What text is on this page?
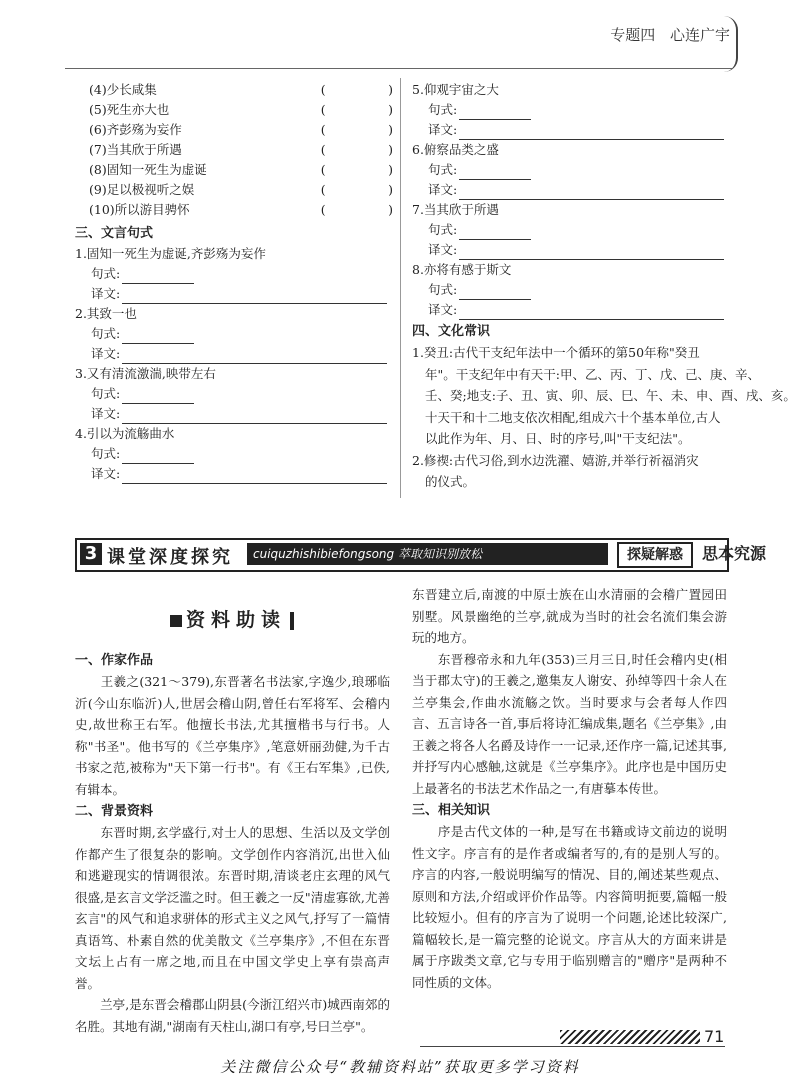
专题四 心连广宇
(4)少长咸集	(　　　　　)
(5)死生亦大也	(　　　　　)
(6)齐彭殇为妄作	(　　　　　)
(7)当其欣于所遇	(　　　　　)
(8)固知一死生为虚诞	(　　　　　)
(9)足以极视听之娱	(　　　　　)
(10)所以游目骋怀	(　　　　　)
三、文言句式
1.固知一死生为虚诞,齐彭殇为妄作
句式:
译文:
2.其致一也
句式:
译文:
3.又有清流激湍,映带左右
句式:
译文:
4.引以为流觞曲水
句式:
译文:
5.仰观宇宙之大
句式:
译文:
6.俯察品类之盛
句式:
译文:
7.当其欣于所遇
句式:
译文:
8.亦将有感于斯文
句式:
译文:
四、文化常识
1.癸丑:古代干支纪年法中一个循环的第50年称"癸丑
年"。干支纪年中有天干:甲、乙、丙、丁、戊、己、庚、辛、
壬、癸;地支:子、丑、寅、卯、辰、巳、午、未、申、酉、戌、亥。
十天干和十二地支依次相配,组成六十个基本单位,古人
以此作为年、月、日、时的序号,叫"干支纪法"。
2.修禊:古代习俗,到水边洗濯、嬉游,并举行祈福消灾
的仪式。
3 课堂深度探究	cuiquzhishibiefongsong 萃取知识别放松	探疑解惑	思本究源
资料助读
一、作家作品
　　王羲之(321～379),东晋著名书法家,字逸少,琅琊临沂(今山东临沂)人,世居会稽山阴,曾任右军将军、会稽内史,故世称王右军。他擅长书法,尤其擅楷书与行书。人称"书圣"。他书写的《兰亭集序》,笔意妍丽劲健,为千古书家之范,被称为"天下第一行书"。有《王右军集》,已佚,有辑本。
二、背景资料
　　东晋时期,玄学盛行,对士人的思想、生活以及文学创作都产生了很复杂的影响。文学创作内容消沉,出世入仙和逃避现实的情调很浓。东晋时期,清谈老庄玄理的风气很盛,是玄言文学泛滥之时。但王羲之一反"清虚寡欲,尤善玄言"的风气和追求骈体的形式主义之风气,抒写了一篇情真语笃、朴素自然的优美散文《兰亭集序》,不但在东晋文坛上占有一席之地,而且在中国文学史上享有崇高声誉。
　　兰亭,是东晋会稽郡山阴县(今浙江绍兴市)城西南郊的名胜。其地有湖,"湖南有天柱山,湖口有亭,号曰兰亭"。
东晋建立后,南渡的中原士族在山水清丽的会稽广置园田别墅。风景幽绝的兰亭,就成为当时的社会名流们集会游玩的地方。
　　东晋穆帝永和九年(353)三月三日,时任会稽内史(相当于郡太守)的王羲之,邀集友人谢安、孙绰等四十余人在兰亭集会,作曲水流觞之饮。当时要求与会者每人作四言、五言诗各一首,事后将诗汇编成集,题名《兰亭集》,由王羲之将各人名爵及诗作一一记录,还作序一篇,记述其事,并抒写内心感触,这就是《兰亭集序》。此序也是中国历史上最著名的书法艺术作品之一,有唐摹本传世。
三、相关知识
　　序是古代文体的一种,是写在书籍或诗文前边的说明性文字。序言有的是作者或编者写的,有的是别人写的。序言的内容,一般说明编写的情况、目的,阐述某些观点、原则和方法,介绍或评价作品等。内容简明扼要,篇幅一般比较短小。但有的序言为了说明一个问题,论述比较深广,篇幅较长,是一篇完整的论说文。序言从大的方面来讲是属于序跋类文章,它与专用于临别赠言的"赠序"是两种不同性质的文体。
71
关注微信公众号“教辅资料站”获取更多学习资料
